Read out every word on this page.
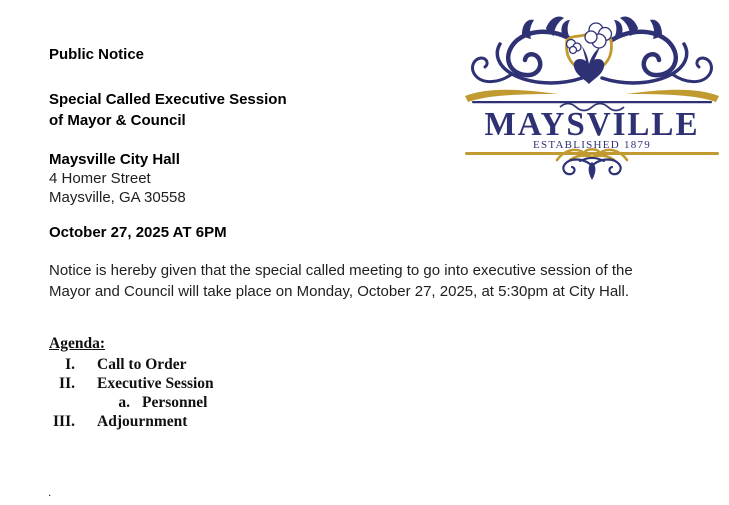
Public Notice
Special Called Executive Session
of Mayor & Council
Maysville City Hall
4 Homer Street
Maysville, GA 30558
October 27, 2025 AT 6PM
Notice is hereby given that the special called meeting to go into executive session of the
Mayor and Council will take place on Monday, October 27, 2025, at 5:30pm at City Hall.
Agenda:
I. Call to Order
II. Executive Session
a. Personnel
III. Adjournment
.
MAYSVILLE
ESTABLISHED 1879
